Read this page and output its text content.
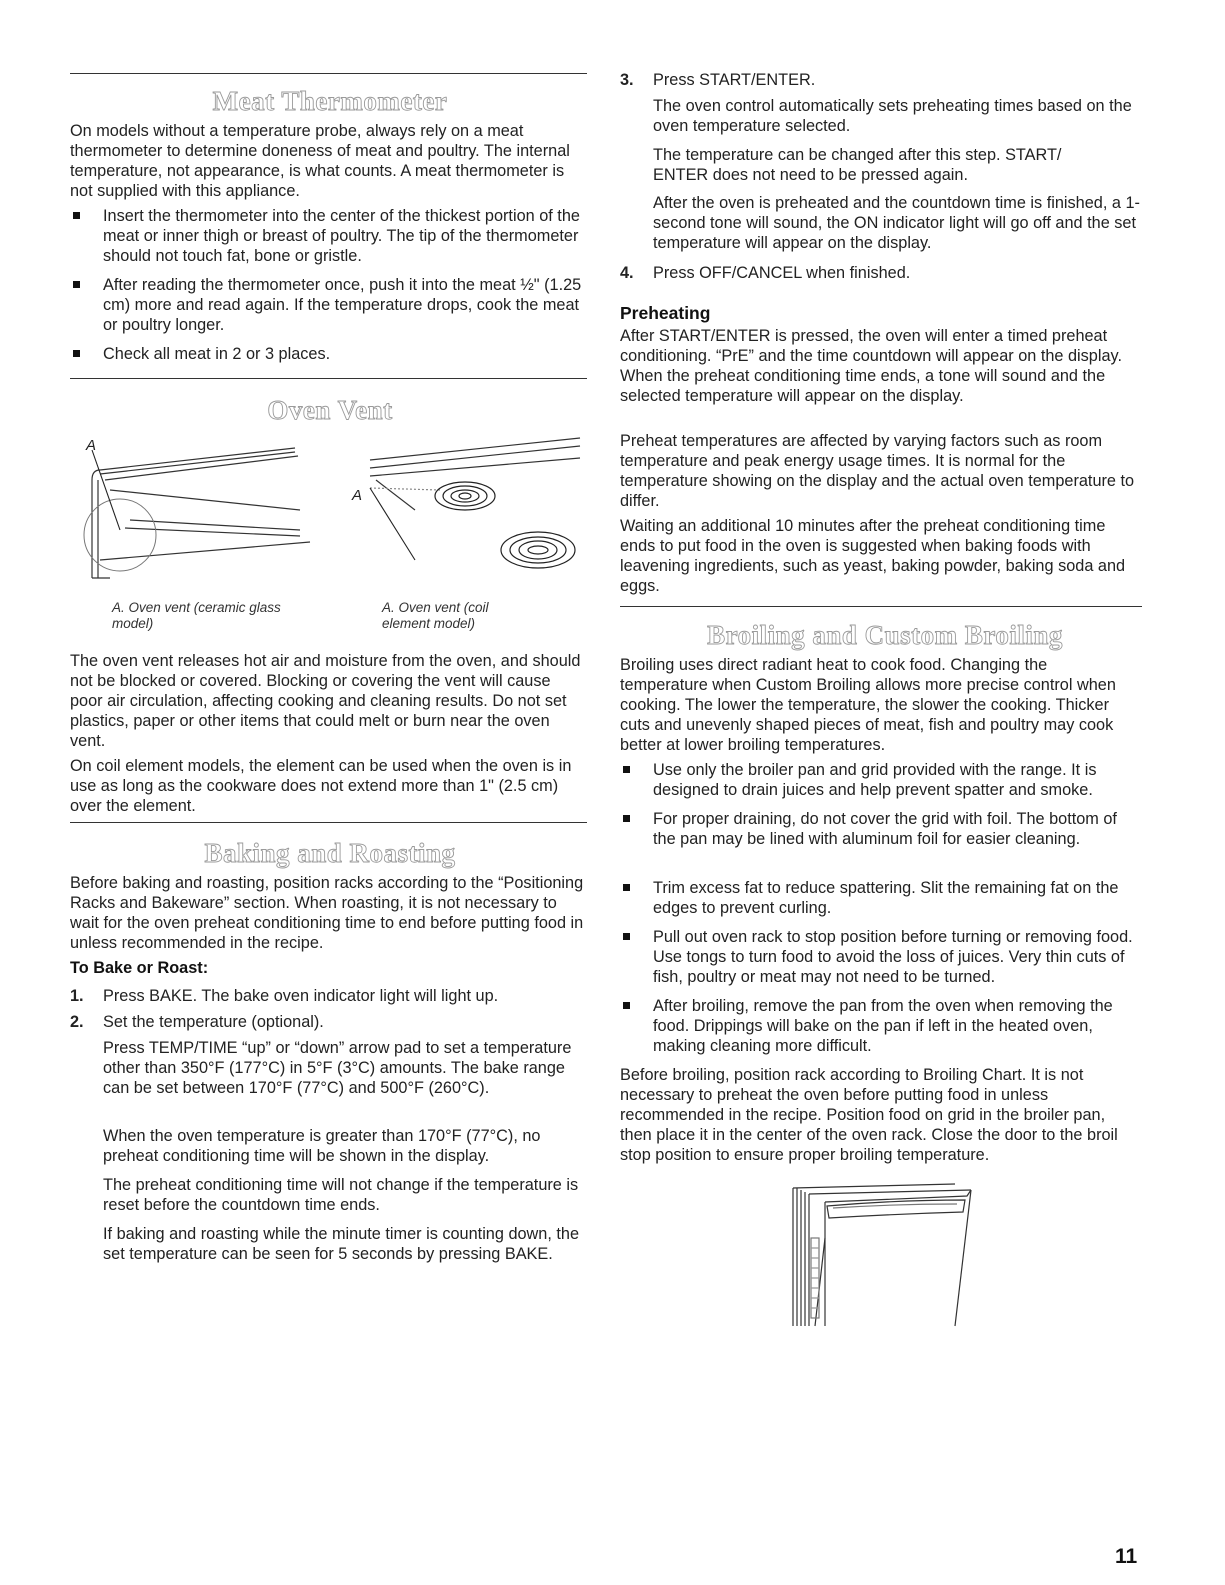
Meat Thermometer

On models without a temperature probe, always rely on a meat thermometer to determine doneness of meat and poultry. The internal temperature, not appearance, is what counts. A meat thermometer is not supplied with this appliance.

Insert the thermometer into the center of the thickest portion of the meat or inner thigh or breast of poultry. The tip of the thermometer should not touch fat, bone or gristle.
After reading the thermometer once, push it into the meat ½" (1.25 cm) more and read again. If the temperature drops, cook the meat or poultry longer.
Check all meat in 2 or 3 places.
Oven Vent
A
A

A. Oven vent (ceramic glass model)

A. Oven vent (coil element model)

The oven vent releases hot air and moisture from the oven, and should not be blocked or covered. Blocking or covering the vent will cause poor air circulation, affecting cooking and cleaning results. Do not set plastics, paper or other items that could melt or burn near the oven vent.

On coil element models, the element can be used when the oven is in use as long as the cookware does not extend more than 1" (2.5 cm) over the element.

Baking and Roasting

Before baking and roasting, position racks according to the “Positioning Racks and Bakeware” section. When roasting, it is not necessary to wait for the oven preheat conditioning time to end before putting food in unless recommended in the recipe.

To Bake or Roast:

1. Press BAKE. The bake oven indicator light will light up.
2. Set the temperature (optional).

Press TEMP/TIME “up” or “down” arrow pad to set a temperature other than 350°F (177°C) in 5°F (3°C) amounts. The bake range can be set between 170°F (77°C) and 500°F (260°C).

When the oven temperature is greater than 170°F (77°C), no preheat conditioning time will be shown in the display.

The preheat conditioning time will not change if the temperature is reset before the countdown time ends.

If baking and roasting while the minute timer is counting down, the set temperature can be seen for 5 seconds by pressing BAKE.

3. Press START/ENTER.

The oven control automatically sets preheating times based on the oven temperature selected.

The temperature can be changed after this step. START/ ENTER does not need to be pressed again.

After the oven is preheated and the countdown time is finished, a 1-second tone will sound, the ON indicator light will go off and the set temperature will appear on the display.

4. Press OFF/CANCEL when finished.

Preheating

After START/ENTER is pressed, the oven will enter a timed preheat conditioning. “PrE” and the time countdown will appear on the display. When the preheat conditioning time ends, a tone will sound and the selected temperature will appear on the display.

Preheat temperatures are affected by varying factors such as room temperature and peak energy usage times. It is normal for the temperature showing on the display and the actual oven temperature to differ.

Waiting an additional 10 minutes after the preheat conditioning time ends to put food in the oven is suggested when baking foods with leavening ingredients, such as yeast, baking powder, baking soda and eggs.

Broiling and Custom Broiling

Broiling uses direct radiant heat to cook food. Changing the temperature when Custom Broiling allows more precise control when cooking. The lower the temperature, the slower the cooking. Thicker cuts and unevenly shaped pieces of meat, fish and poultry may cook better at lower broiling temperatures.

Use only the broiler pan and grid provided with the range. It is designed to drain juices and help prevent spatter and smoke.
For proper draining, do not cover the grid with foil. The bottom of the pan may be lined with aluminum foil for easier cleaning.
Trim excess fat to reduce spattering. Slit the remaining fat on the edges to prevent curling.
Pull out oven rack to stop position before turning or removing food. Use tongs to turn food to avoid the loss of juices. Very thin cuts of fish, poultry or meat may not need to be turned.
After broiling, remove the pan from the oven when removing the food. Drippings will bake on the pan if left in the heated oven, making cleaning more difficult.

Before broiling, position rack according to Broiling Chart. It is not necessary to preheat the oven before putting food in unless recommended in the recipe. Position food on grid in the broiler pan, then place it in the center of the oven rack. Close the door to the broil stop position to ensure proper broiling temperature.

11
